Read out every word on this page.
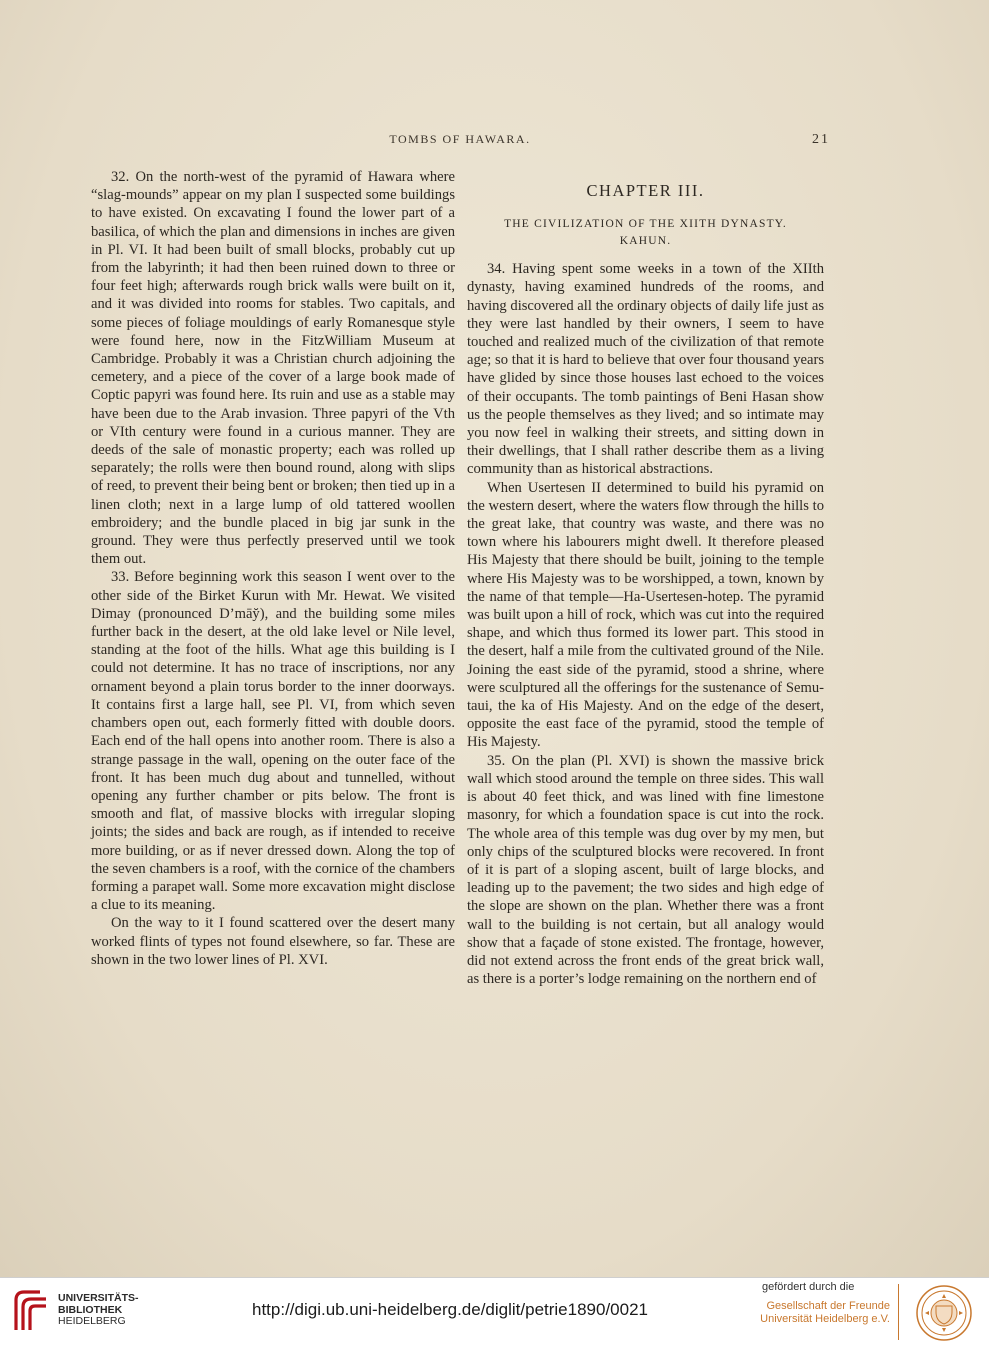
TOMBS OF HAWARA.	21

32. On the north-west of the pyramid of Hawara where “slag-mounds” appear on my plan I suspected some buildings to have existed. On excavating I found the lower part of a basilica, of which the plan and dimensions in inches are given in Pl. VI. It had been built of small blocks, probably cut up from the labyrinth; it had then been ruined down to three or four feet high; afterwards rough brick walls were built on it, and it was divided into rooms for stables. Two capitals, and some pieces of foliage mouldings of early Romanesque style were found here, now in the FitzWilliam Museum at Cambridge. Probably it was a Christian church adjoining the cemetery, and a piece of the cover of a large book made of Coptic papyri was found here. Its ruin and use as a stable may have been due to the Arab invasion. Three papyri of the Vth or VIth century were found in a curious manner. They are deeds of the sale of monastic property; each was rolled up separately; the rolls were then bound round, along with slips of reed, to prevent their being bent or broken; then tied up in a linen cloth; next in a large lump of old tattered woollen embroidery; and the bundle placed in big jar sunk in the ground. They were thus perfectly preserved until we took them out.

33. Before beginning work this season I went over to the other side of the Birket Kurun with Mr. Hewat. We visited Dimay (pronounced D’māy̆), and the building some miles further back in the desert, at the old lake level or Nile level, standing at the foot of the hills. What age this building is I could not determine. It has no trace of inscriptions, nor any ornament beyond a plain torus border to the inner doorways. It contains first a large hall, see Pl. VI, from which seven chambers open out, each formerly fitted with double doors. Each end of the hall opens into another room. There is also a strange passage in the wall, opening on the outer face of the front. It has been much dug about and tunnelled, without opening any further chamber or pits below. The front is smooth and flat, of massive blocks with irregular sloping joints; the sides and back are rough, as if intended to receive more building, or as if never dressed down. Along the top of the seven chambers is a roof, with the cornice of the chambers forming a parapet wall. Some more excavation might disclose a clue to its meaning.

On the way to it I found scattered over the desert many worked flints of types not found elsewhere, so far. These are shown in the two lower lines of Pl. XVI.

CHAPTER III.
THE CIVILIZATION OF THE XIITH DYNASTY.
KAHUN.

34. Having spent some weeks in a town of the XIIth dynasty, having examined hundreds of the rooms, and having discovered all the ordinary objects of daily life just as they were last handled by their owners, I seem to have touched and realized much of the civilization of that remote age; so that it is hard to believe that over four thousand years have glided by since those houses last echoed to the voices of their occupants. The tomb paintings of Beni Hasan show us the people themselves as they lived; and so intimate may you now feel in walking their streets, and sitting down in their dwellings, that I shall rather describe them as a living community than as historical abstractions.

When Usertesen II determined to build his pyramid on the western desert, where the waters flow through the hills to the great lake, that country was waste, and there was no town where his labourers might dwell. It therefore pleased His Majesty that there should be built, joining to the temple where His Majesty was to be worshipped, a town, known by the name of that temple—Ha-Usertesen-hotep. The pyramid was built upon a hill of rock, which was cut into the required shape, and which thus formed its lower part. This stood in the desert, half a mile from the cultivated ground of the Nile. Joining the east side of the pyramid, stood a shrine, where were sculptured all the offerings for the sustenance of Semu-taui, the ka of His Majesty. And on the edge of the desert, opposite the east face of the pyramid, stood the temple of His Majesty.

35. On the plan (Pl. XVI) is shown the massive brick wall which stood around the temple on three sides. This wall is about 40 feet thick, and was lined with fine limestone masonry, for which a foundation space is cut into the rock. The whole area of this temple was dug over by my men, but only chips of the sculptured blocks were recovered. In front of it is part of a sloping ascent, built of large blocks, and leading up to the pavement; the two sides and high edge of the slope are shown on the plan. Whether there was a front wall to the building is not certain, but all analogy would show that a façade of stone existed. The frontage, however, did not extend across the front ends of the great brick wall, as there is a porter’s lodge remaining on the northern end of

UNIVERSITÄTS-
BIBLIOTHEK
HEIDELBERG
http://digi.ub.uni-heidelberg.de/diglit/petrie1890/0021
gefördert durch die
Gesellschaft der Freunde
Universität Heidelberg e.V.
